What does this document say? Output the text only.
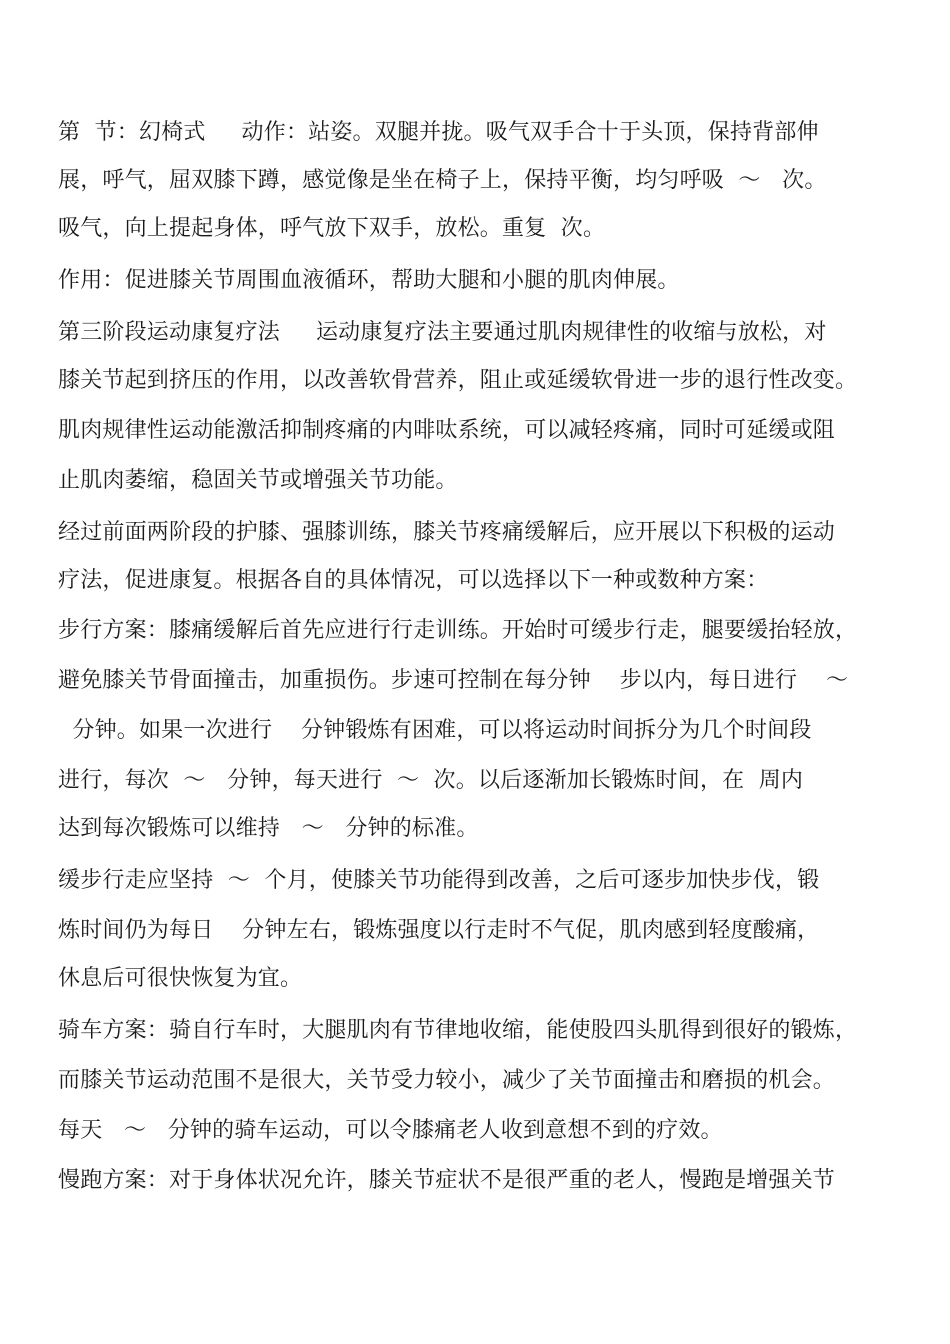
第  节：幻椅式     动作：站姿。双腿并拢。吸气双手合十于头顶，保持背部伸
展，呼气，屈双膝下蹲，感觉像是坐在椅子上，保持平衡，均匀呼吸  ～   次。
吸气，向上提起身体，呼气放下双手，放松。重复  次。
作用：促进膝关节周围血液循环，帮助大腿和小腿的肌肉伸展。
第三阶段运动康复疗法     运动康复疗法主要通过肌肉规律性的收缩与放松，对
膝关节起到挤压的作用，以改善软骨营养，阻止或延缓软骨进一步的退行性改变。
肌肉规律性运动能激活抑制疼痛的内啡呔系统，可以减轻疼痛，同时可延缓或阻
止肌肉萎缩，稳固关节或增强关节功能。
经过前面两阶段的护膝、强膝训练，膝关节疼痛缓解后，应开展以下积极的运动
疗法，促进康复。根据各自的具体情况，可以选择以下一种或数种方案：
步行方案：膝痛缓解后首先应进行行走训练。开始时可缓步行走，腿要缓抬轻放，
避免膝关节骨面撞击，加重损伤。步速可控制在每分钟    步以内，每日进行    ～
分钟。如果一次进行    分钟锻炼有困难，可以将运动时间拆分为几个时间段
进行，每次  ～   分钟，每天进行  ～  次。以后逐渐加长锻炼时间，在  周内
达到每次锻炼可以维持   ～   分钟的标准。
缓步行走应坚持  ～  个月，使膝关节功能得到改善，之后可逐步加快步伐，锻
炼时间仍为每日    分钟左右，锻炼强度以行走时不气促，肌肉感到轻度酸痛，
休息后可很快恢复为宜。
骑车方案：骑自行车时，大腿肌肉有节律地收缩，能使股四头肌得到很好的锻炼，
而膝关节运动范围不是很大，关节受力较小，减少了关节面撞击和磨损的机会。
每天   ～   分钟的骑车运动，可以令膝痛老人收到意想不到的疗效。
慢跑方案：对于身体状况允许，膝关节症状不是很严重的老人，慢跑是增强关节
